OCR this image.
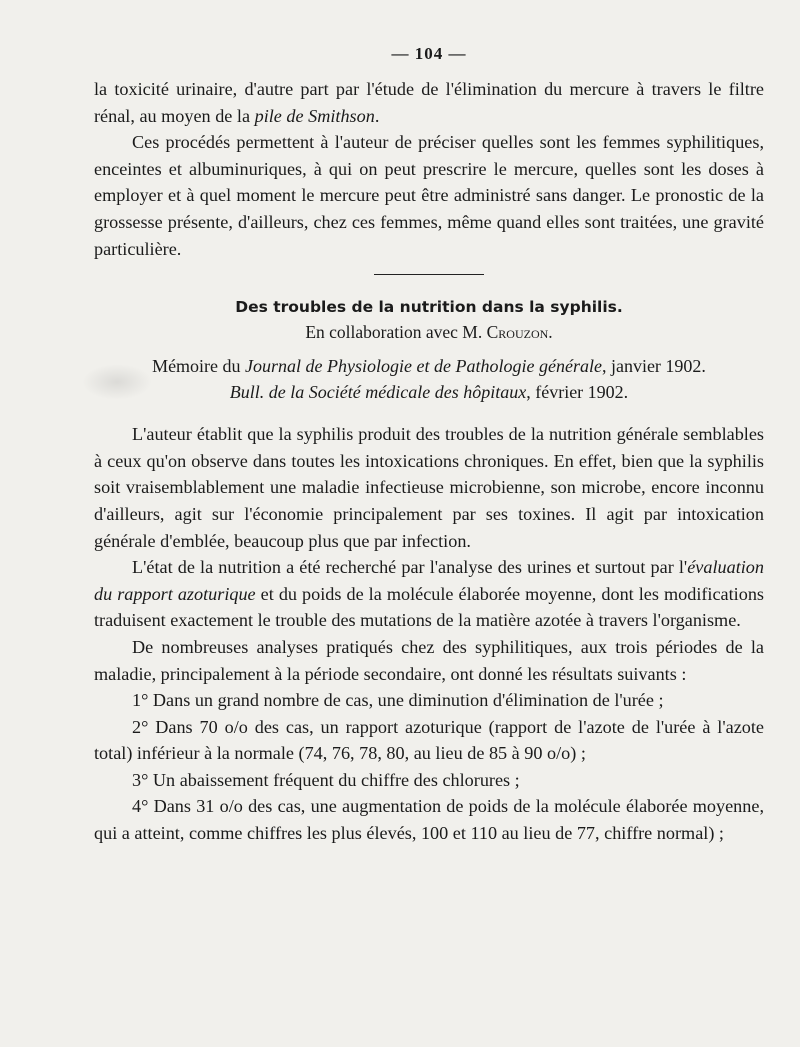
— 104 —

la toxicité urinaire, d'autre part par l'étude de l'élimination du mercure à travers le filtre rénal, au moyen de la pile de Smithson.

Ces procédés permettent à l'auteur de préciser quelles sont les femmes syphilitiques, enceintes et albuminuriques, à qui on peut prescrire le mercure, quelles sont les doses à employer et à quel moment le mercure peut être administré sans danger. Le pronostic de la grossesse présente, d'ailleurs, chez ces femmes, même quand elles sont traitées, une gravité particulière.

Des troubles de la nutrition dans la syphilis.

En collaboration avec M. Crouzon.

Mémoire du Journal de Physiologie et de Pathologie générale, janvier 1902.

Bull. de la Société médicale des hôpitaux, février 1902.

L'auteur établit que la syphilis produit des troubles de la nutrition générale semblables à ceux qu'on observe dans toutes les intoxications chroniques. En effet, bien que la syphilis soit vraisemblablement une maladie infectieuse microbienne, son microbe, encore inconnu d'ailleurs, agit sur l'économie principalement par ses toxines. Il agit par intoxication générale d'emblée, beaucoup plus que par infection.

L'état de la nutrition a été recherché par l'analyse des urines et surtout par l'évaluation du rapport azoturique et du poids de la molécule élaborée moyenne, dont les modifications traduisent exactement le trouble des mutations de la matière azotée à travers l'organisme.

De nombreuses analyses pratiqués chez des syphilitiques, aux trois périodes de la maladie, principalement à la période secondaire, ont donné les résultats suivants :

1° Dans un grand nombre de cas, une diminution d'élimination de l'urée ;

2° Dans 70 o/o des cas, un rapport azoturique (rapport de l'azote de l'urée à l'azote total) inférieur à la normale (74, 76, 78, 80, au lieu de 85 à 90 o/o) ;

3° Un abaissement fréquent du chiffre des chlorures ;

4° Dans 31 o/o des cas, une augmentation de poids de la molécule élaborée moyenne, qui a atteint, comme chiffres les plus élevés, 100 et 110 au lieu de 77, chiffre normal) ;
